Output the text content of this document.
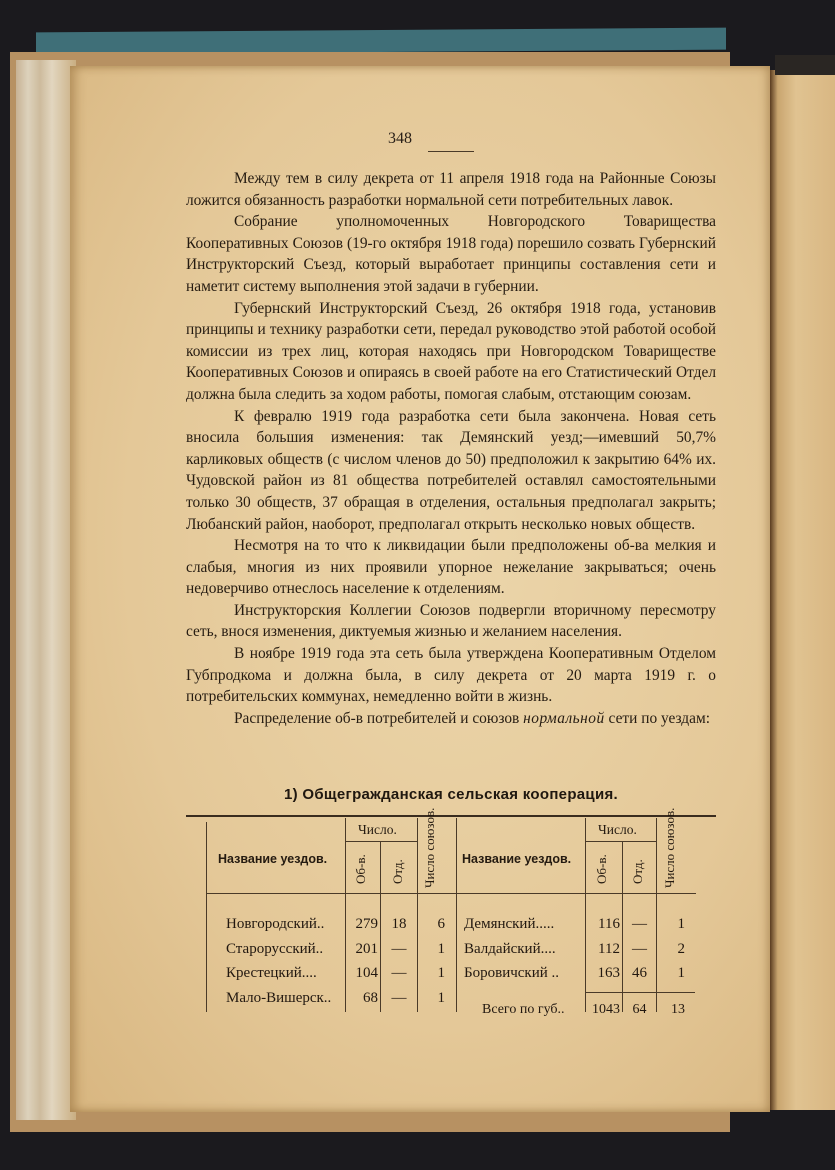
348

Между тем в силу декрета от 11 апреля 1918 года на Районные Союзы ложится обязанность разработки нормальной сети потребительных лавок.

Собрание уполномоченных Новгородского Товарищества Кооперативных Союзов (19-го октября 1918 года) порешило созвать Губернский Инструкторский Съезд, который выработает принципы составления сети и наметит систему выполнения этой задачи в губернии.

Губернский Инструкторский Съезд, 26 октября 1918 года, установив принципы и технику разработки сети, передал руководство этой работой особой комиссии из трех лиц, которая находясь при Новгородском Товариществе Кооперативных Союзов и опираясь в своей работе на его Статистический Отдел должна была следить за ходом работы, помогая слабым, отстающим союзам.

К февралю 1919 года разработка сети была закончена. Новая сеть вносила большия изменения: так Демянский уезд;—имевший 50,7% карликовых обществ (с числом членов до 50) предположил к закрытию 64% их. Чудовской район из 81 общества потребителей оставлял самостоятельными только 30 обществ, 37 обращая в отделения, остальныя предполагал закрыть; Любанский район, наоборот, предполагал открыть несколько новых обществ.

Несмотря на то что к ликвидации были предположены об-ва мелкия и слабыя, многия из них проявили упорное нежелание закрываться; очень недоверчиво отнеслось население к отделениям.

Инструкторския Коллегии Союзов подвергли вторичному пересмотру сеть, внося изменения, диктуемыя жизнью и желанием населения.

В ноябре 1919 года эта сеть была утверждена Кооперативным Отделом Губпродкома и должна была, в силу декрета от 20 марта 1919 г. о потребительских коммунах, немедленно войти в жизнь.

Распределение об-в потребителей и союзов нормальной сети по уездам:

1) Общегражданская сельская кооперация.
Название уездов.
Число.
Об-в. Отд. Число союзов. Название уездов.
Число.
Об-в. Отд. Число союзов.
Новгородский..	279 18	6
Старорусский..	201 —	1
Крестецкий....	104 —	1
Мало-Вишерск..	68 —	1
Демянский.....	116 —	1
Валдайский....	112 —	2
Боровичский ..	163 46	1
Всего по губ..	1043 64	13
